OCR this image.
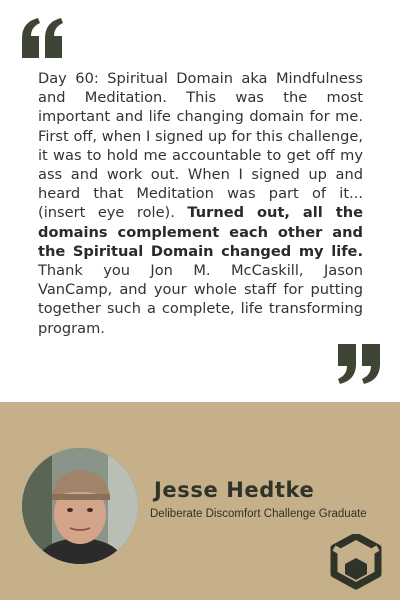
Day 60: Spiritual Domain aka Mindfulness and Meditation. This was the most important and life changing domain for me. First off, when I signed up for this challenge, it was to hold me accountable to get off my ass and work out. When I signed up and heard that Meditation was part of it... (insert eye role). Turned out, all the domains complement each other and the Spiritual Domain changed my life. Thank you Jon M. McCaskill, Jason VanCamp, and your whole staff for putting together such a complete, life transforming program.

Jesse Hedtke

Deliberate Discomfort Challenge Graduate
